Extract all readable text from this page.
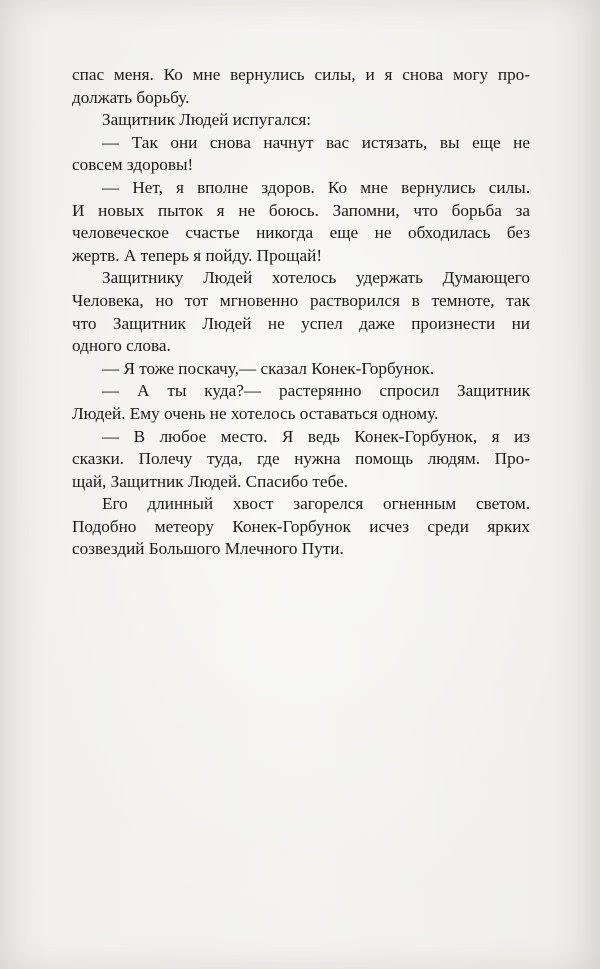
спас меня. Ко мне вернулись силы, и я снова могу про-
должать борьбу.
Защитник Людей испугался:
— Так они снова начнут вас истязать, вы еще не
совсем здоровы!
— Нет, я вполне здоров. Ко мне вернулись силы.
И новых пыток я не боюсь. Запомни, что борьба за
человеческое счастье никогда еще не обходилась без
жертв. А теперь я пойду. Прощай!
Защитнику Людей хотелось удержать Думающего
Человека, но тот мгновенно растворился в темноте, так
что Защитник Людей не успел даже произнести ни
одного слова.
— Я тоже поскачу,— сказал Конек-Горбунок.
— А ты куда?— растерянно спросил Защитник
Людей. Ему очень не хотелось оставаться одному.
— В любое место. Я ведь Конек-Горбунок, я из
сказки. Полечу туда, где нужна помощь людям. Про-
щай, Защитник Людей. Спасибо тебе.
Его длинный хвост загорелся огненным светом.
Подобно метеору Конек-Горбунок исчез среди ярких
созвездий Большого Млечного Пути.
